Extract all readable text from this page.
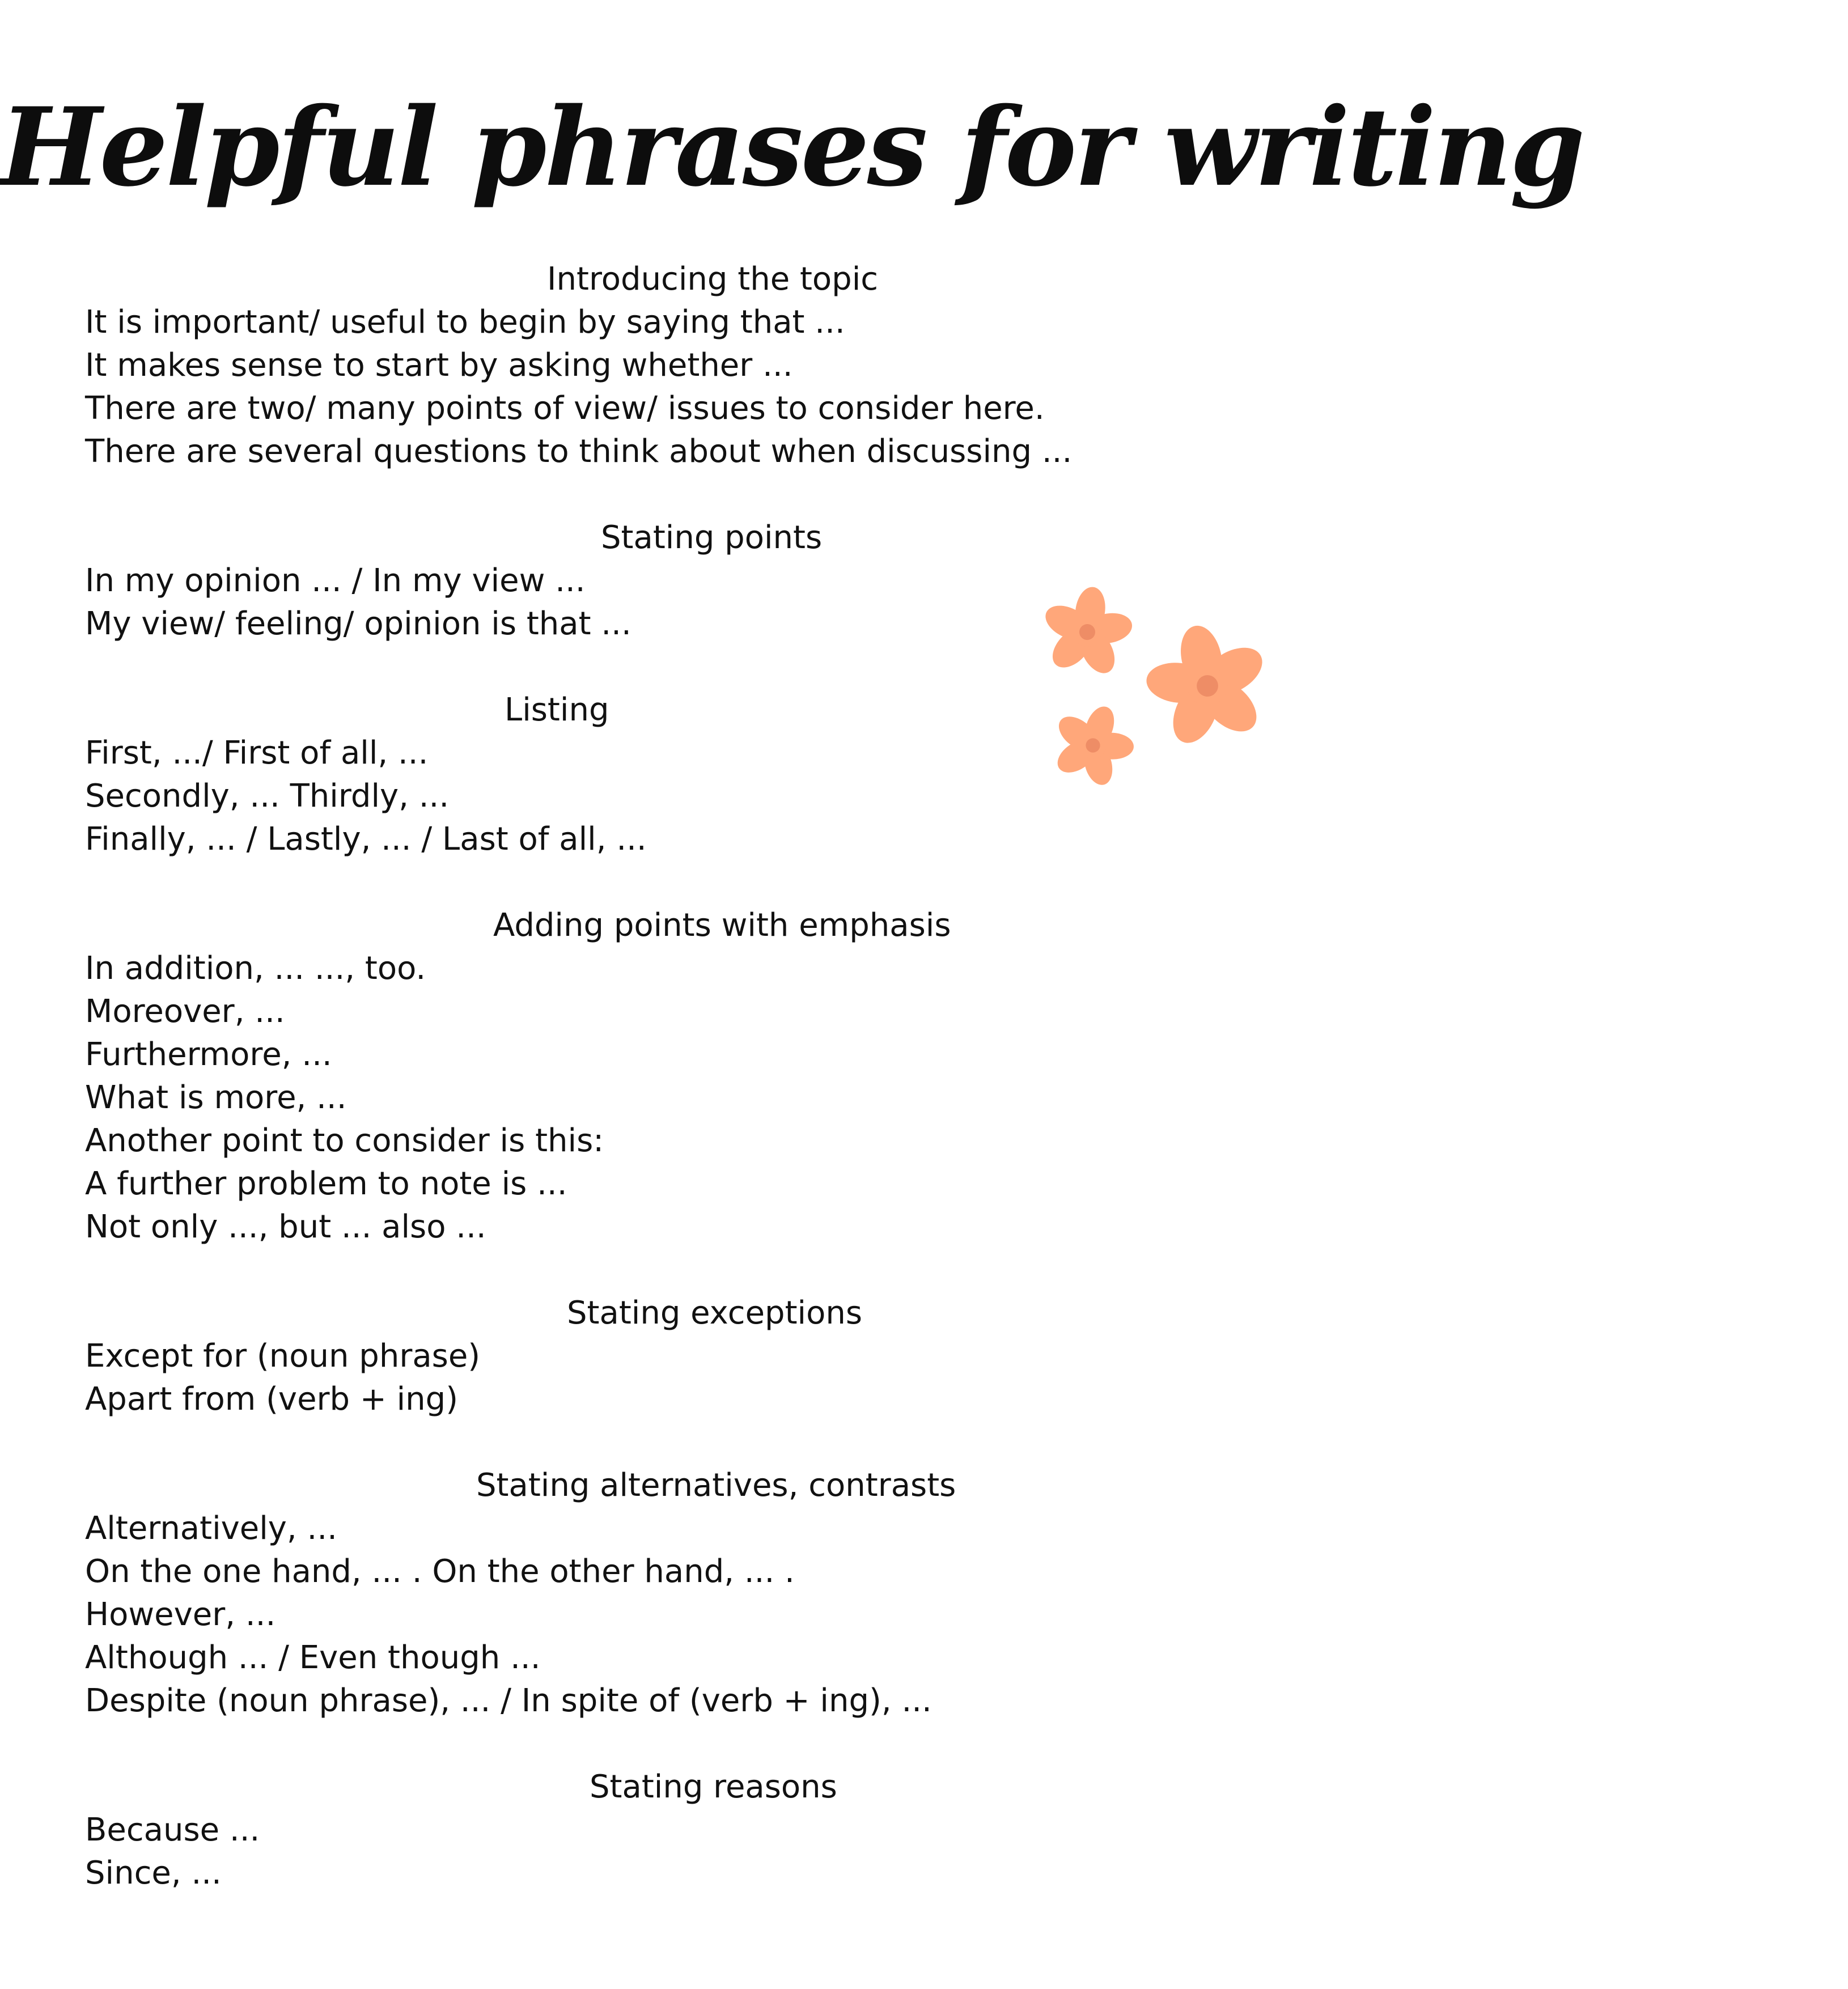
Helpful phrases for writing
Introducing the topic

It is important/ useful to begin by saying that ...

It makes sense to start by asking whether ...

There are two/ many points of view/ issues to consider here.

There are several questions to think about when discussing ...

Stating points

In my opinion ... / In my view ...

My view/ feeling/ opinion is that ...

Listing

First, .../ First of all, ...

Secondly, ... Thirdly, ...

Finally, ... / Lastly, ... / Last of all, ...

Adding points with emphasis

In addition, ... ..., too.

Moreover, ...

Furthermore, ...

What is more, ...

Another point to consider is this:

A further problem to note is ...

Not only ..., but ... also ...

Stating exceptions

Except for (noun phrase)

Apart from (verb + ing)

Stating alternatives, contrasts

Alternatively, ...

On the one hand, ... . On the other hand, ... .

However, ...

Although ... / Even though ...

Despite (noun phrase), ... / In spite of (verb + ing), ...

Stating reasons

Because ...

Since, ...
